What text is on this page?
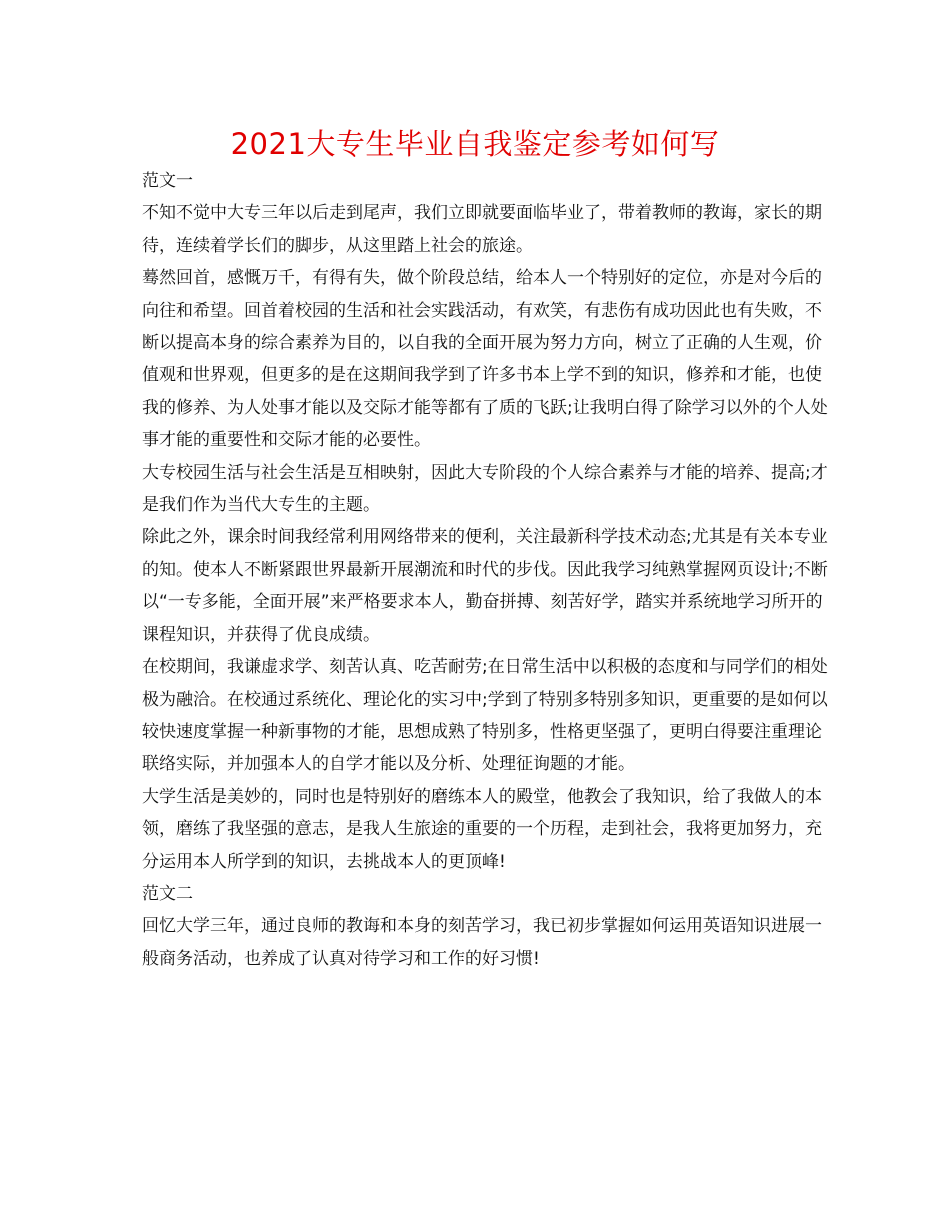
2021大专生毕业自我鉴定参考如何写

范文一

不知不觉中大专三年以后走到尾声，我们立即就要面临毕业了，带着教师的教诲，家长的期待，连续着学长们的脚步，从这里踏上社会的旅途。

蓦然回首，感慨万千，有得有失，做个阶段总结，给本人一个特别好的定位，亦是对今后的向往和希望。回首着校园的生活和社会实践活动，有欢笑，有悲伤有成功因此也有失败，不断以提高本身的综合素养为目的，以自我的全面开展为努力方向，树立了正确的人生观，价值观和世界观，但更多的是在这期间我学到了许多书本上学不到的知识，修养和才能，也使我的修养、为人处事才能以及交际才能等都有了质的飞跃;让我明白得了除学习以外的个人处事才能的重要性和交际才能的必要性。

大专校园生活与社会生活是互相映射，因此大专阶段的个人综合素养与才能的培养、提高;才是我们作为当代大专生的主题。

除此之外，课余时间我经常利用网络带来的便利，关注最新科学技术动态;尤其是有关本专业的知。使本人不断紧跟世界最新开展潮流和时代的步伐。因此我学习纯熟掌握网页设计;不断以“一专多能，全面开展”来严格要求本人，勤奋拼搏、刻苦好学，踏实并系统地学习所开的课程知识，并获得了优良成绩。

在校期间，我谦虚求学、刻苦认真、吃苦耐劳;在日常生活中以积极的态度和与同学们的相处极为融洽。在校通过系统化、理论化的实习中;学到了特别多特别多知识，更重要的是如何以较快速度掌握一种新事物的才能，思想成熟了特别多，性格更坚强了，更明白得要注重理论联络实际，并加强本人的自学才能以及分析、处理征询题的才能。

大学生活是美妙的，同时也是特别好的磨练本人的殿堂，他教会了我知识，给了我做人的本领，磨练了我坚强的意志，是我人生旅途的重要的一个历程，走到社会，我将更加努力，充分运用本人所学到的知识，去挑战本人的更顶峰!

范文二

回忆大学三年，通过良师的教诲和本身的刻苦学习，我已初步掌握如何运用英语知识进展一般商务活动，也养成了认真对待学习和工作的好习惯!
